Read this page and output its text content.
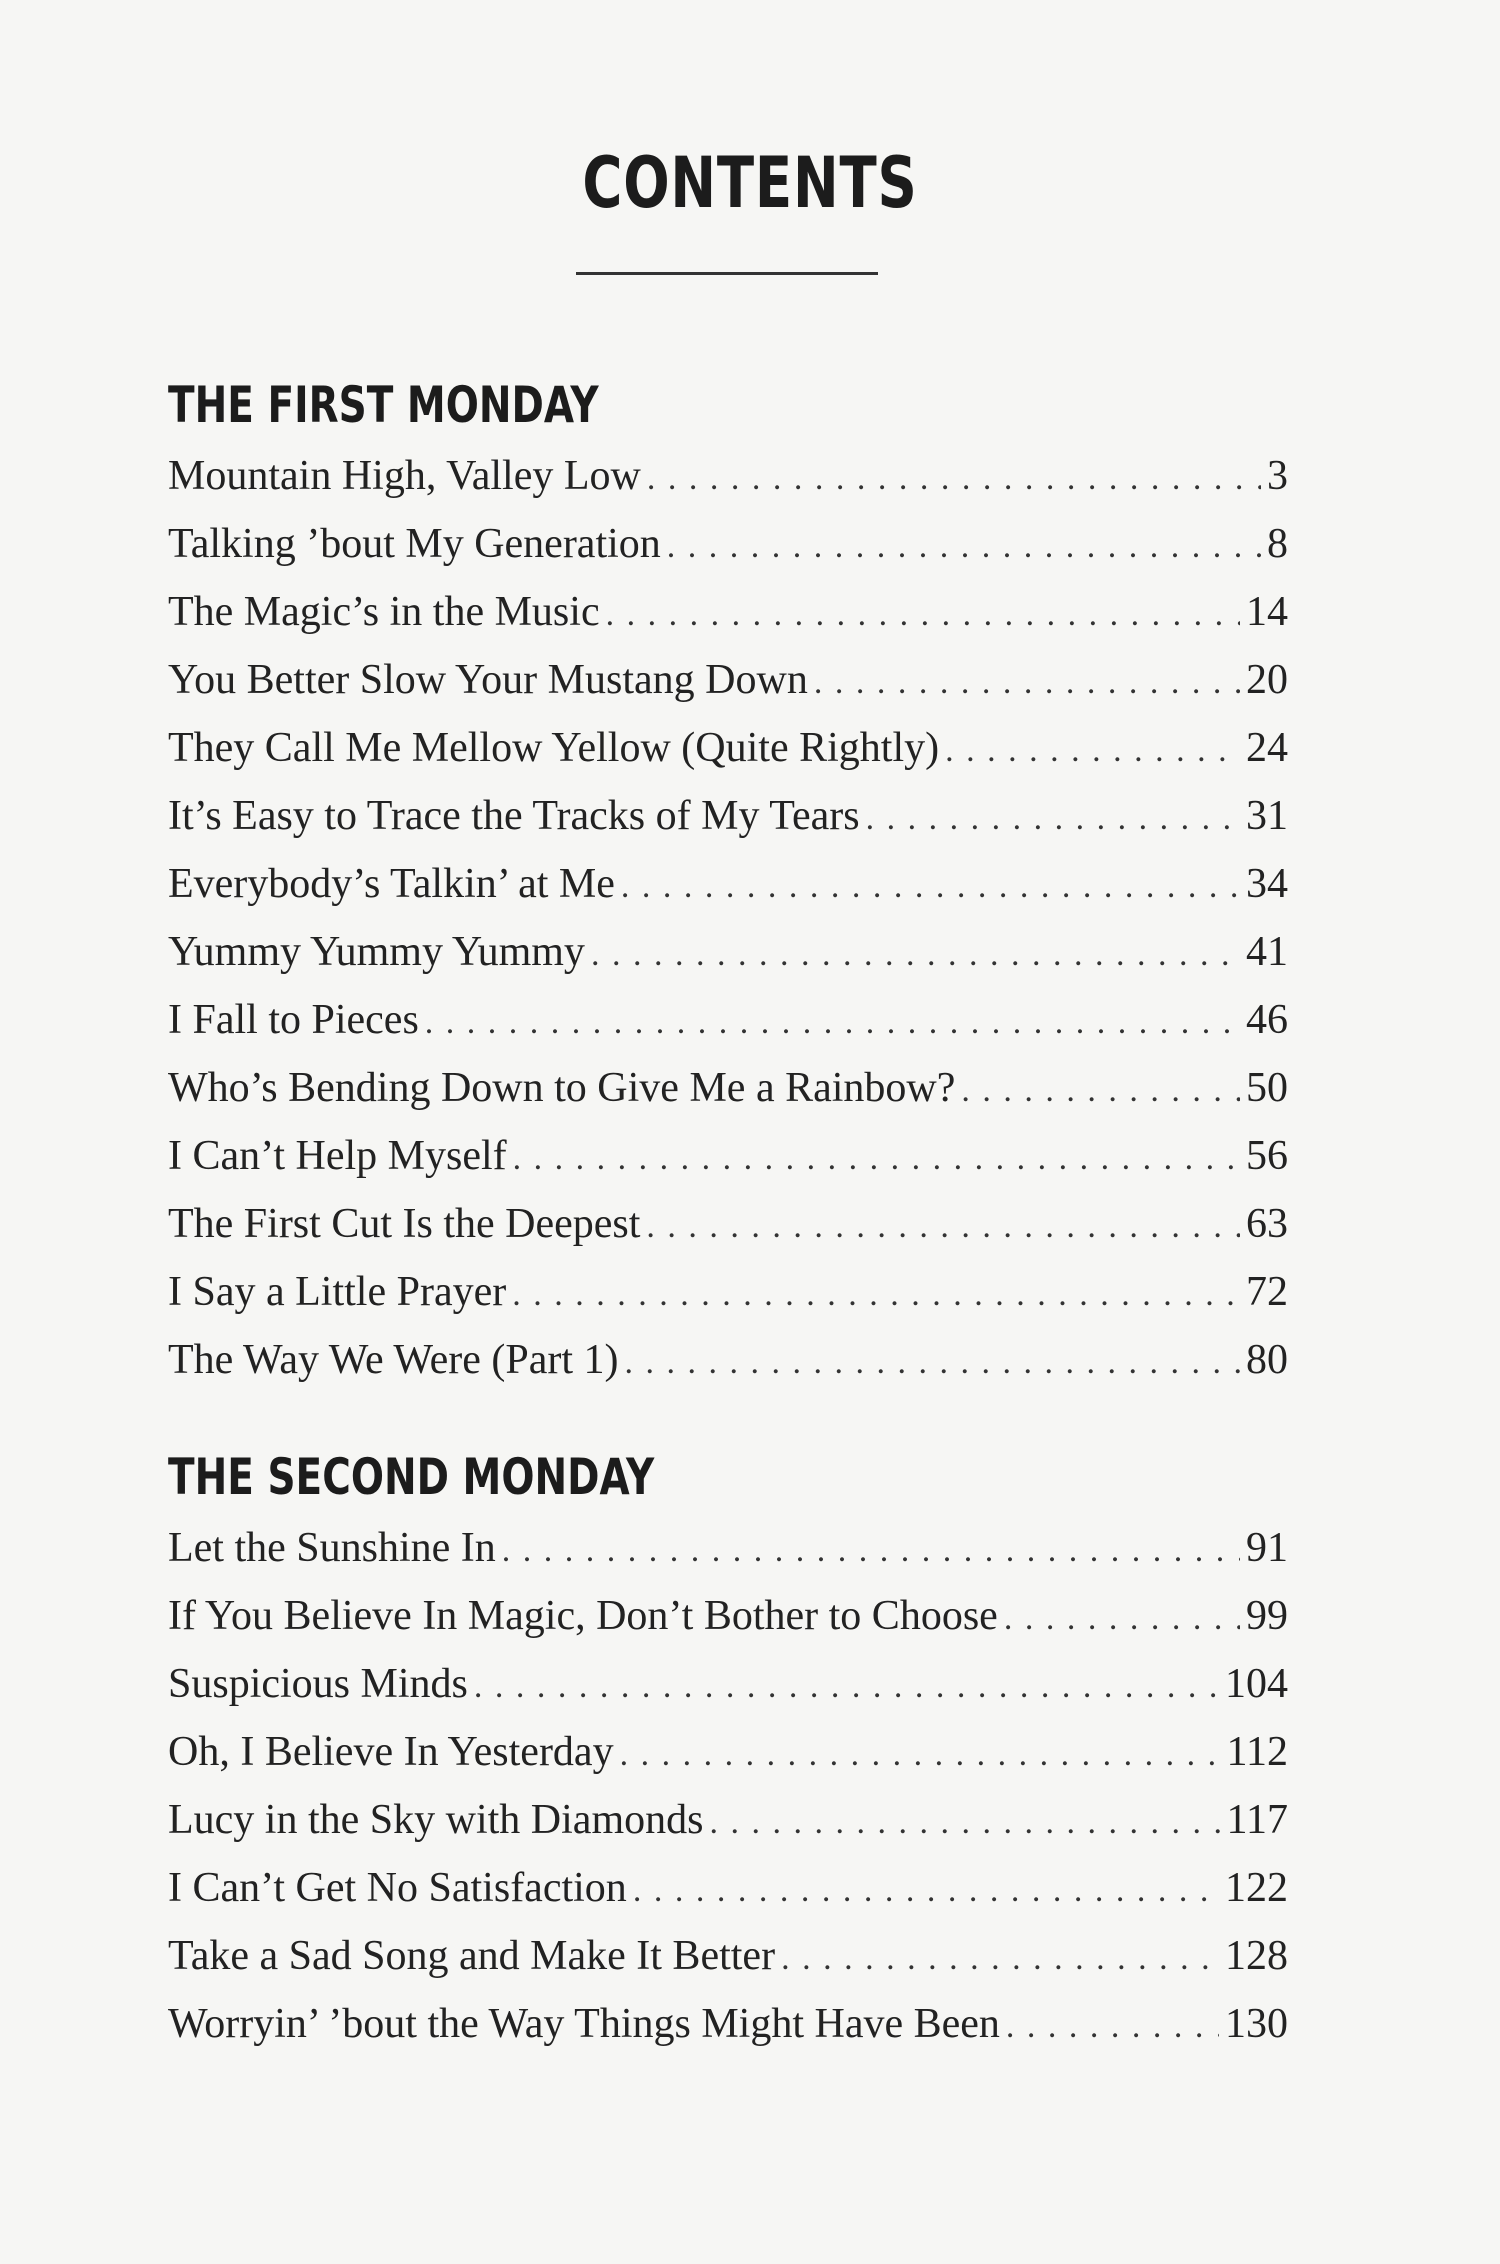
CONTENTS
THE FIRST MONDAY
Mountain High, Valley Low . . .	3
Talking ’bout My Generation . . .	8
The Magic’s in the Music . . .	14
You Better Slow Your Mustang Down . . .	20
They Call Me Mellow Yellow (Quite Rightly) . . .	24
It’s Easy to Trace the Tracks of My Tears . . .	31
Everybody’s Talkin’ at Me . . .	34
Yummy Yummy Yummy . . .	41
I Fall to Pieces . . .	46
Who’s Bending Down to Give Me a Rainbow? . . .	50
I Can’t Help Myself . . .	56
The First Cut Is the Deepest . . .	63
I Say a Little Prayer . . .	72
The Way We Were (Part 1) . . .	80
THE SECOND MONDAY
Let the Sunshine In . . .	91
If You Believe In Magic, Don’t Bother to Choose . . .	99
Suspicious Minds . . .	104
Oh, I Believe In Yesterday . . .	112
Lucy in the Sky with Diamonds . . .	117
I Can’t Get No Satisfaction . . .	122
Take a Sad Song and Make It Better . . .	128
Worryin’ ’bout the Way Things Might Have Been . . .	130
